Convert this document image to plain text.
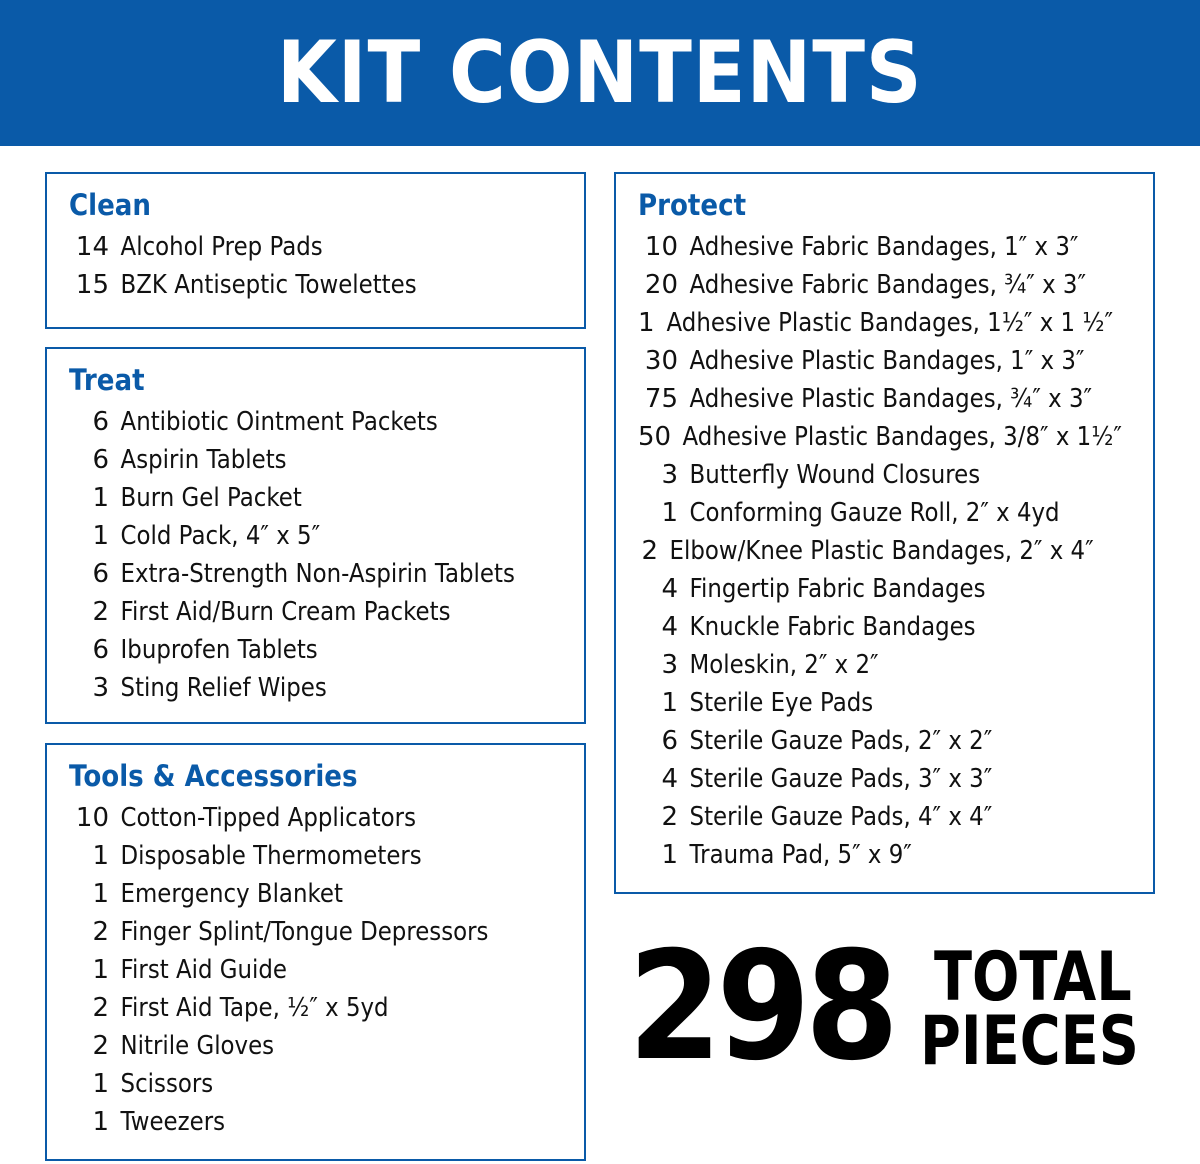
KIT CONTENTS
Clean
14 Alcohol Prep Pads
15 BZK Antiseptic Towelettes
Treat
6 Antibiotic Ointment Packets
6 Aspirin Tablets
1 Burn Gel Packet
1 Cold Pack, 4″ x 5″
6 Extra-Strength Non-Aspirin Tablets
2 First Aid/Burn Cream Packets
6 Ibuprofen Tablets
3 Sting Relief Wipes
Tools & Accessories
10 Cotton-Tipped Applicators
1 Disposable Thermometers
1 Emergency Blanket
2 Finger Splint/Tongue Depressors
1 First Aid Guide
2 First Aid Tape, ½″ x 5yd
2 Nitrile Gloves
1 Scissors
1 Tweezers
Protect
10 Adhesive Fabric Bandages, 1″ x 3″
20 Adhesive Fabric Bandages, ¾″ x 3″
1 Adhesive Plastic Bandages, 1½″ x 1 ½″
30 Adhesive Plastic Bandages, 1″ x 3″
75 Adhesive Plastic Bandages, ¾″ x 3″
50 Adhesive Plastic Bandages, 3/8″ x 1½″
3 Butterfly Wound Closures
1 Conforming Gauze Roll, 2″ x 4yd
2 Elbow/Knee Plastic Bandages, 2″ x 4″
4 Fingertip Fabric Bandages
4 Knuckle Fabric Bandages
3 Moleskin, 2″ x 2″
1 Sterile Eye Pads
6 Sterile Gauze Pads, 2″ x 2″
4 Sterile Gauze Pads, 3″ x 3″
2 Sterile Gauze Pads, 4″ x 4″
1 Trauma Pad, 5″ x 9″
298 TOTAL
PIECES
